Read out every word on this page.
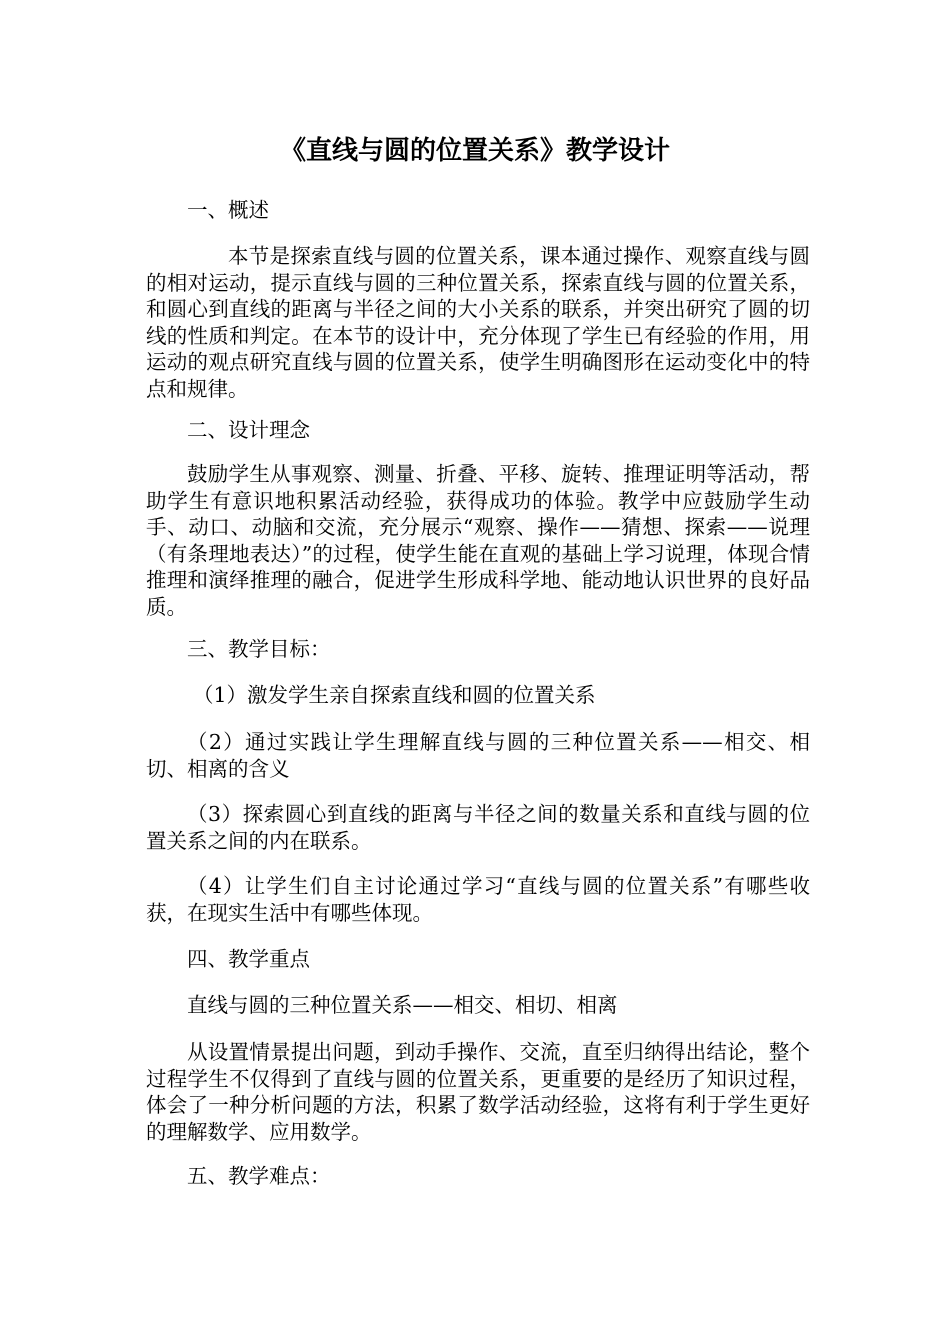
《直线与圆的位置关系》教学设计
一、概述
本节是探索直线与圆的位置关系，课本通过操作、观察直线与圆的相对运动，提示直线与圆的三种位置关系，探索直线与圆的位置关系，和圆心到直线的距离与半径之间的大小关系的联系，并突出研究了圆的切线的性质和判定。在本节的设计中，充分体现了学生已有经验的作用，用运动的观点研究直线与圆的位置关系，使学生明确图形在运动变化中的特点和规律。
二、设计理念
鼓励学生从事观察、测量、折叠、平移、旋转、推理证明等活动，帮助学生有意识地积累活动经验，获得成功的体验。教学中应鼓励学生动手、动口、动脑和交流，充分展示“观察、操作——猜想、探索——说理（有条理地表达）”的过程，使学生能在直观的基础上学习说理，体现合情推理和演绎推理的融合，促进学生形成科学地、能动地认识世界的良好品质。
三、教学目标：
（1）激发学生亲自探索直线和圆的位置关系
（2）通过实践让学生理解直线与圆的三种位置关系——相交、相切、相离的含义
（3）探索圆心到直线的距离与半径之间的数量关系和直线与圆的位置关系之间的内在联系。
（4）让学生们自主讨论通过学习“直线与圆的位置关系”有哪些收获，在现实生活中有哪些体现。
四、教学重点
直线与圆的三种位置关系——相交、相切、相离
从设置情景提出问题，到动手操作、交流，直至归纳得出结论，整个过程学生不仅得到了直线与圆的位置关系，更重要的是经历了知识过程，体会了一种分析问题的方法，积累了数学活动经验，这将有利于学生更好的理解数学、应用数学。
五、教学难点：
